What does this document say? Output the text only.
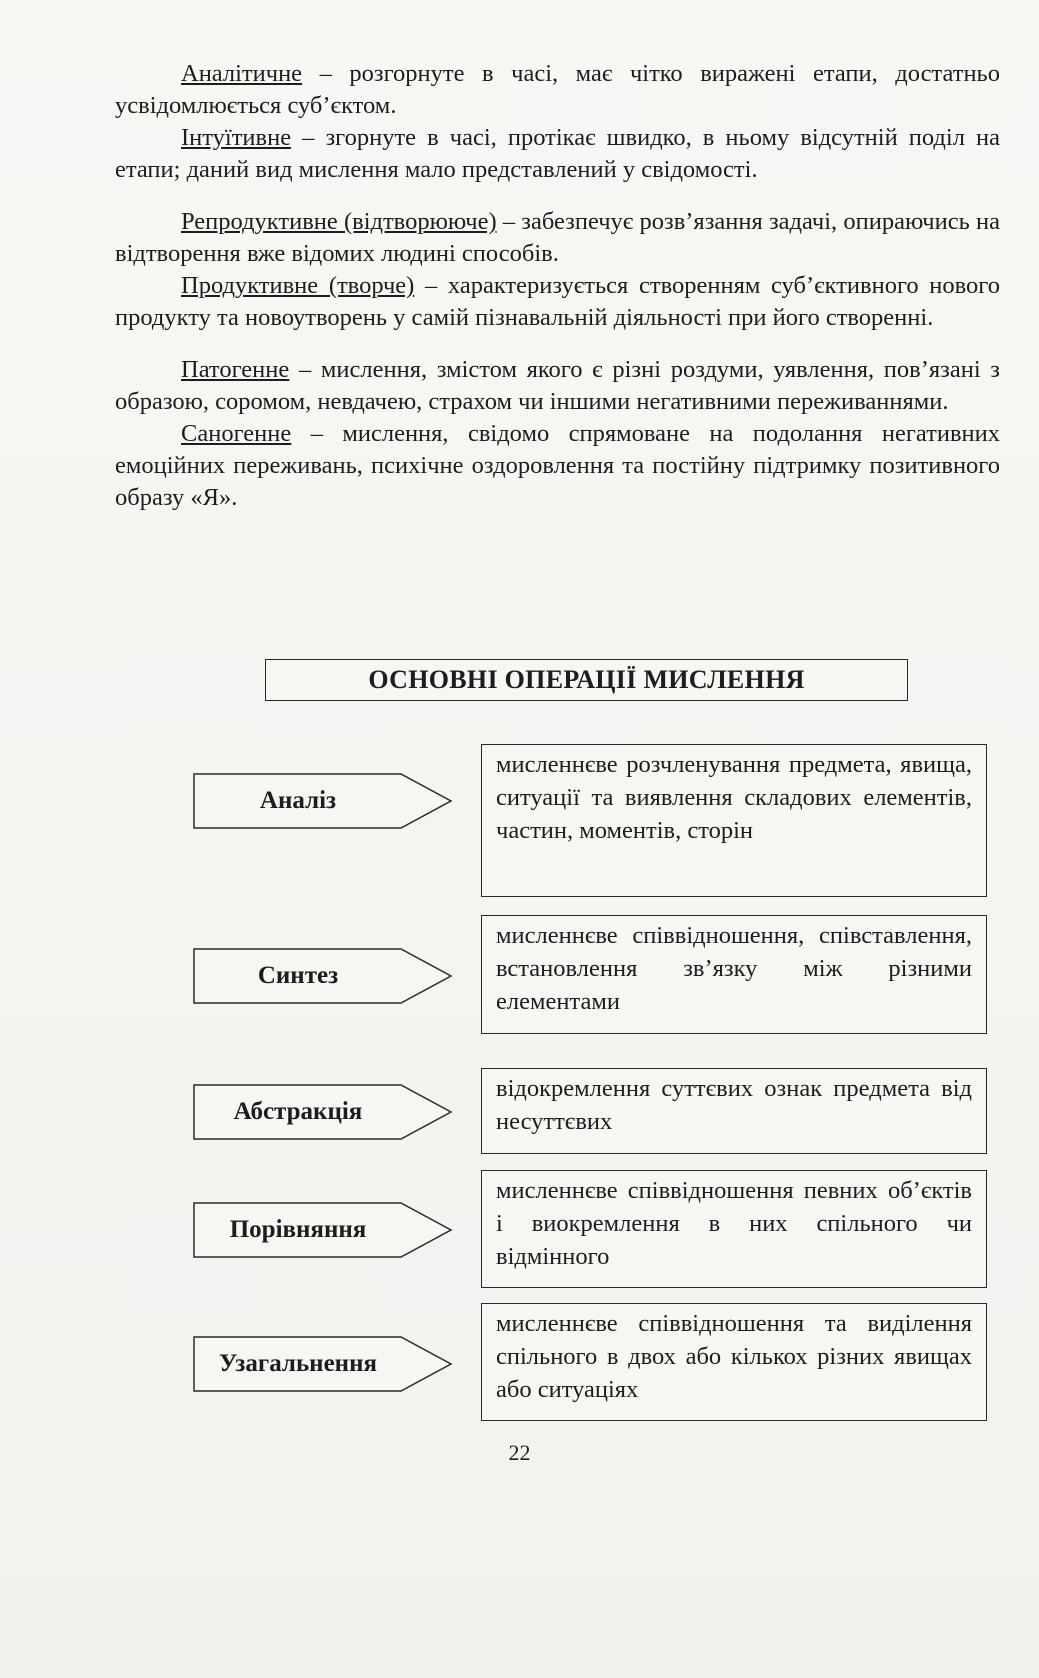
Аналітичне – розгорнуте в часі, має чітко виражені етапи, достатньо усвідомлюється суб’єктом.

Інтуїтивне – згорнуте в часі, протікає швидко, в ньому відсутній поділ на етапи; даний вид мислення мало представлений у свідомості.

Репродуктивне (відтворююче) – забезпечує розв’язання задачі, опираючись на відтворення вже відомих людині способів.

Продуктивне (творче) – характеризується створенням суб’єктивного нового продукту та новоутворень у самій пізнавальній діяльності при його створенні.

Патогенне – мислення, змістом якого є різні роздуми, уявлення, пов’язані з образою, соромом, невдачею, страхом чи іншими негативними переживаннями.

Саногенне – мислення, свідомо спрямоване на подолання негативних емоційних переживань, психічне оздоровлення та постійну підтримку позитивного образу «Я».

ОСНОВНІ ОПЕРАЦІЇ МИСЛЕННЯ
Аналіз
мисленнєве розчленування предмета, явища, ситуації та виявлення складових елементів, частин, моментів, сторін
Синтез
мисленнєве співвідношення, співставлення, встановлення зв’язку між різними елементами
Абстракція
відокремлення суттєвих ознак предмета від несуттєвих
Порівняння
мисленнєве співвідношення певних об’єктів і виокремлення в них спільного чи відмінного
Узагальнення
мисленнєве співвідношення та виділення спільного в двох або кількох різних явищах або ситуаціях
22
